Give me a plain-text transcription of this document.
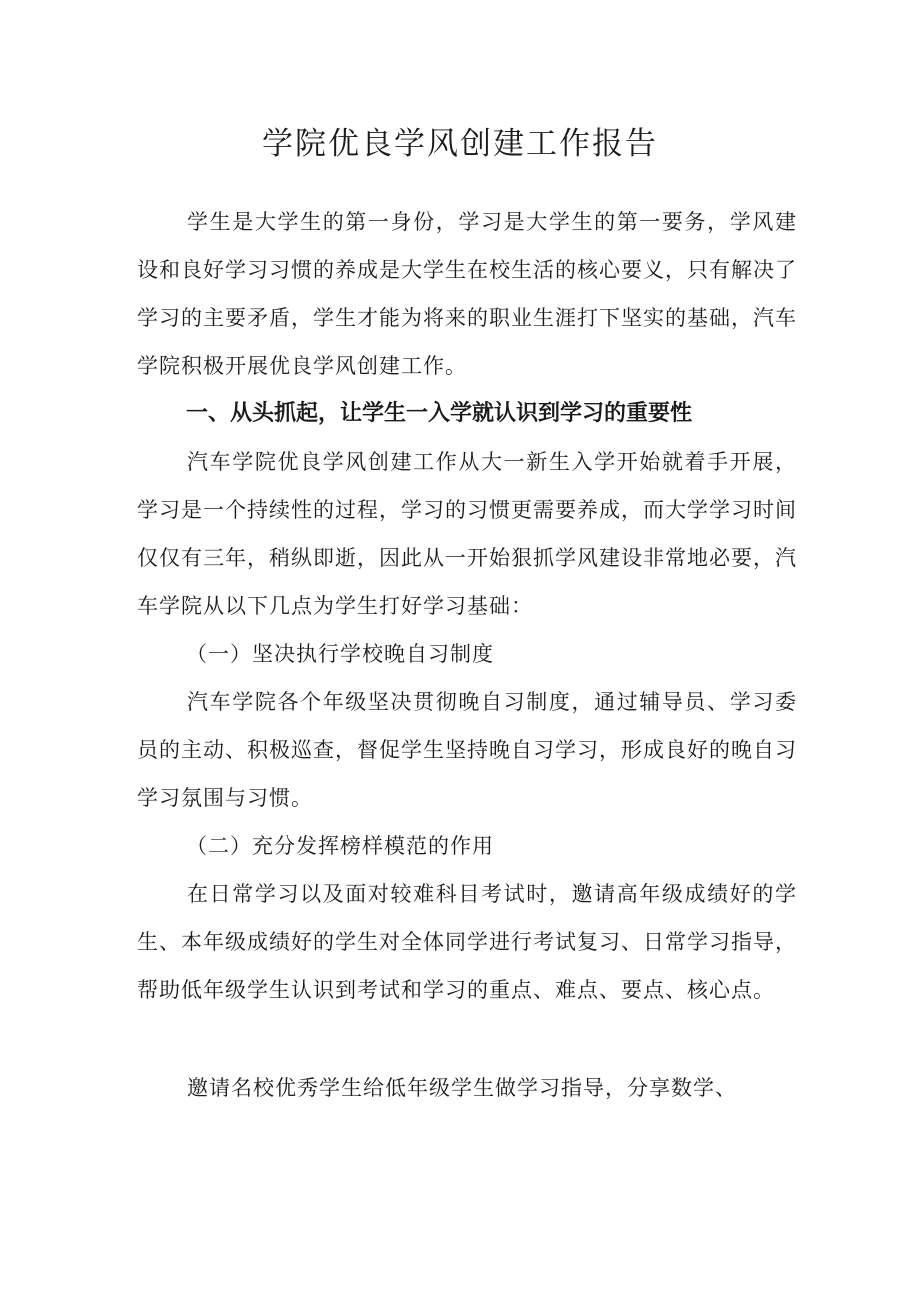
学院优良学风创建工作报告

学生是大学生的第一身份，学习是大学生的第一要务，学风建设和良好学习习惯的养成是大学生在校生活的核心要义，只有解决了学习的主要矛盾，学生才能为将来的职业生涯打下坚实的基础，汽车学院积极开展优良学风创建工作。

一、从头抓起，让学生一入学就认识到学习的重要性

汽车学院优良学风创建工作从大一新生入学开始就着手开展，学习是一个持续性的过程，学习的习惯更需要养成，而大学学习时间仅仅有三年，稍纵即逝，因此从一开始狠抓学风建设非常地必要，汽车学院从以下几点为学生打好学习基础：

（一）坚决执行学校晚自习制度

汽车学院各个年级坚决贯彻晚自习制度，通过辅导员、学习委员的主动、积极巡查，督促学生坚持晚自习学习，形成良好的晚自习学习氛围与习惯。

（二）充分发挥榜样模范的作用

在日常学习以及面对较难科目考试时，邀请高年级成绩好的学生、本年级成绩好的学生对全体同学进行考试复习、日常学习指导，帮助低年级学生认识到考试和学习的重点、难点、要点、核心点。

邀请名校优秀学生给低年级学生做学习指导，分享数学、
